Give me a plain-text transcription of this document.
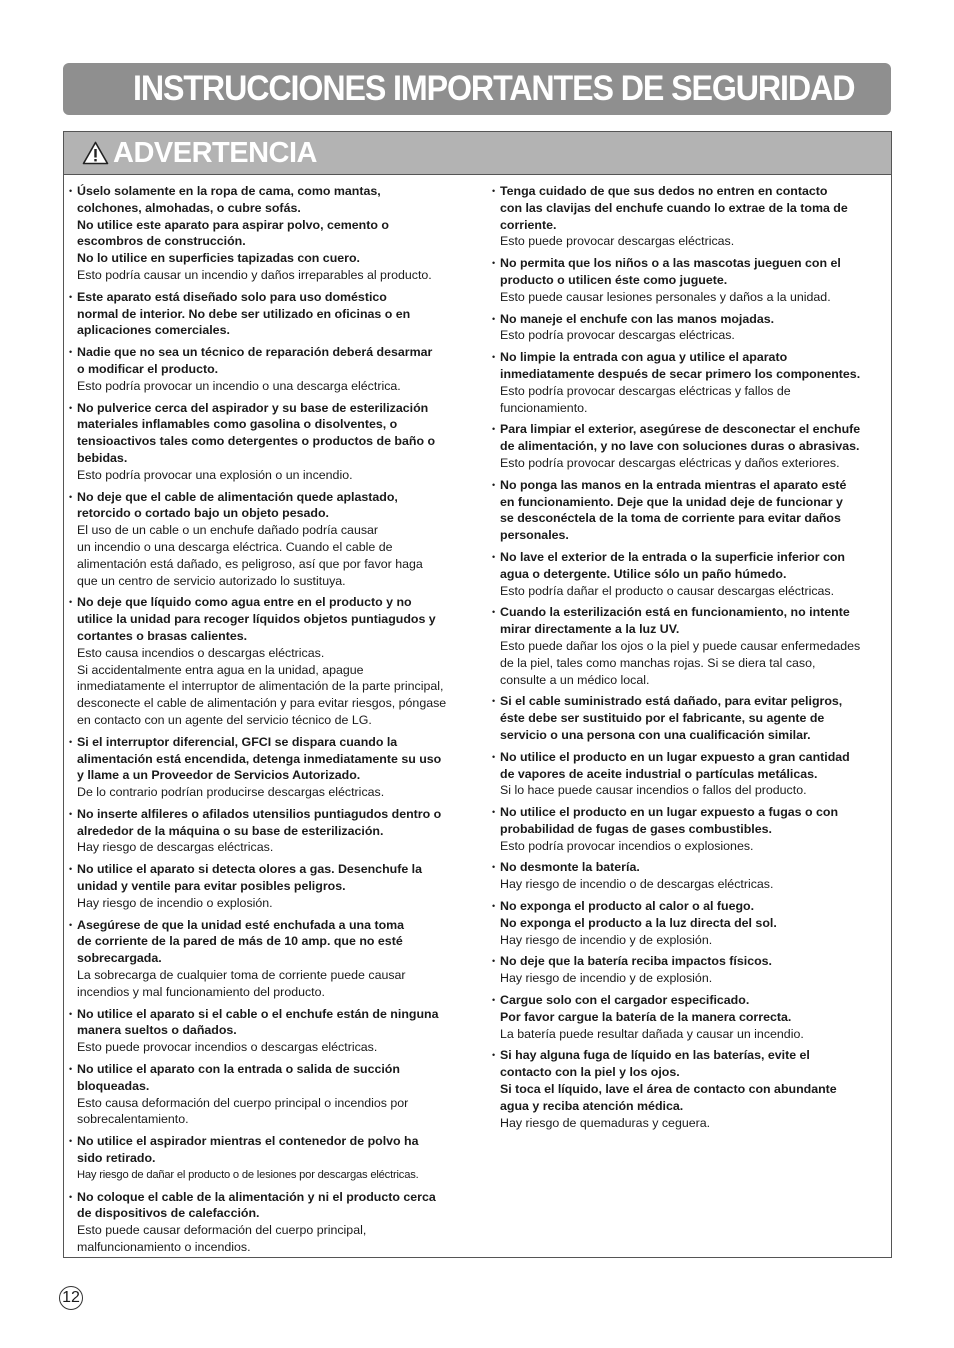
INSTRUCCIONES IMPORTANTES DE SEGURIDAD
ADVERTENCIA
• Úselo solamente en la ropa de cama, como mantas,
colchones, almohadas, o cubre sofás.
No utilice este aparato para aspirar polvo, cemento o
escombros de construcción.
No lo utilice en superficies tapizadas con cuero.
Esto podría causar un incendio y daños irreparables al producto.
• Este aparato está diseñado solo para uso doméstico
normal de interior. No debe ser utilizado en oficinas o en
aplicaciones comerciales.
• Nadie que no sea un técnico de reparación deberá desarmar
o modificar el producto.
Esto podría provocar un incendio o una descarga eléctrica.
• No pulverice cerca del aspirador y su base de esterilización
materiales inflamables como gasolina o disolventes, o
tensioactivos tales como detergentes o productos de baño o
bebidas.
Esto podría provocar una explosión o un incendio.
• No deje que el cable de alimentación quede aplastado,
retorcido o cortado bajo un objeto pesado.
El uso de un cable o un enchufe dañado podría causar
un incendio o una descarga eléctrica. Cuando el cable de
alimentación está dañado, es peligroso, así que por favor haga
que un centro de servicio autorizado lo sustituya.
• No deje que líquido como agua entre en el producto y no
utilice la unidad para recoger líquidos objetos puntiagudos y
cortantes o brasas calientes.
Esto causa incendios o descargas eléctricas.
Si accidentalmente entra agua en la unidad, apague
inmediatamente el interruptor de alimentación de la parte principal,
desconecte el cable de alimentación y para evitar riesgos, póngase
en contacto con un agente del servicio técnico de LG.
• Si el interruptor diferencial, GFCI se dispara cuando la
alimentación está encendida, detenga inmediatamente su uso
y llame a un Proveedor de Servicios Autorizado.
De lo contrario podrían producirse descargas eléctricas.
• No inserte alfileres o afilados utensilios puntiagudos dentro o
alrededor de la máquina o su base de esterilización.
Hay riesgo de descargas eléctricas.
• No utilice el aparato si detecta olores a gas. Desenchufe la
unidad y ventile para evitar posibles peligros.
Hay riesgo de incendio o explosión.
• Asegúrese de que la unidad esté enchufada a una toma
de corriente de la pared de más de 10 amp. que no esté
sobrecargada.
La sobrecarga de cualquier toma de corriente puede causar
incendios y mal funcionamiento del producto.
• No utilice el aparato si el cable o el enchufe están de ninguna
manera sueltos o dañados.
Esto puede provocar incendios o descargas eléctricas.
• No utilice el aparato con la entrada o salida de succión
bloqueadas.
Esto causa deformación del cuerpo principal o incendios por
sobrecalentamiento.
• No utilice el aspirador mientras el contenedor de polvo ha
sido retirado.
Hay riesgo de dañar el producto o de lesiones por descargas eléctricas.
• No coloque el cable de la alimentación y ni el producto cerca
de dispositivos de calefacción.
Esto puede causar deformación del cuerpo principal,
malfuncionamiento o incendios.
• Tenga cuidado de que sus dedos no entren en contacto
con las clavijas del enchufe cuando lo extrae de la toma de
corriente.
Esto puede provocar descargas eléctricas.
• No permita que los niños o a las mascotas jueguen con el
producto o utilicen éste como juguete.
Esto puede causar lesiones personales y daños a la unidad.
• No maneje el enchufe con las manos mojadas.
Esto podría provocar descargas eléctricas.
• No limpie la entrada con agua y utilice el aparato
inmediatamente después de secar primero los componentes.
Esto podría provocar descargas eléctricas y fallos de
funcionamiento.
• Para limpiar el exterior, asegúrese de desconectar el enchufe
de alimentación, y no lave con soluciones duras o abrasivas.
Esto podría provocar descargas eléctricas y daños exteriores.
• No ponga las manos en la entrada mientras el aparato esté
en funcionamiento. Deje que la unidad deje de funcionar y
se desconéctela de la toma de corriente para evitar daños
personales.
• No lave el exterior de la entrada o la superficie inferior con
agua o detergente. Utilice sólo un paño húmedo.
Esto podría dañar el producto o causar descargas eléctricas.
• Cuando la esterilización está en funcionamiento, no intente
mirar directamente a la luz UV.
Esto puede dañar los ojos o la piel y puede causar enfermedades
de la piel, tales como manchas rojas. Si se diera tal caso,
consulte a un médico local.
• Si el cable suministrado está dañado, para evitar peligros,
éste debe ser sustituido por el fabricante, su agente de
servicio o una persona con una cualificación similar.
• No utilice el producto en un lugar expuesto a gran cantidad
de vapores de aceite industrial o partículas metálicas.
Si lo hace puede causar incendios o fallos del producto.
• No utilice el producto en un lugar expuesto a fugas o con
probabilidad de fugas de gases combustibles.
Esto podría provocar incendios o explosiones.
• No desmonte la batería.
Hay riesgo de incendio o de descargas eléctricas.
• No exponga el producto al calor o al fuego.
No exponga el producto a la luz directa del sol.
Hay riesgo de incendio y de explosión.
• No deje que la batería reciba impactos físicos.
Hay riesgo de incendio y de explosión.
• Cargue solo con el cargador especificado.
Por favor cargue la batería de la manera correcta.
La batería puede resultar dañada y causar un incendio.
• Si hay alguna fuga de líquido en las baterías, evite el
contacto con la piel y los ojos.
Si toca el líquido, lave el área de contacto con abundante
agua y reciba atención médica.
Hay riesgo de quemaduras y ceguera.
12
